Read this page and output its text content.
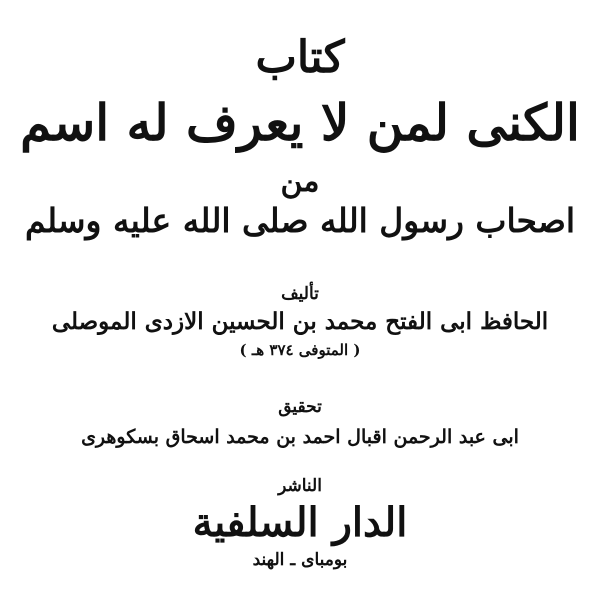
كتاب
الكنى لمن لا يعرف له اسم
من
اصحاب رسول الله صلى الله عليه وسلم
تأليف
الحافظ ابى الفتح محمد بن الحسين الازدى الموصلى
( المتوفى ٣٧٤ هـ )
تحقيق
ابى عبد الرحمن اقبال احمد بن محمد اسحاق بسكوهرى
الناشر
الدار السلفية
بومباى ـ الهند
